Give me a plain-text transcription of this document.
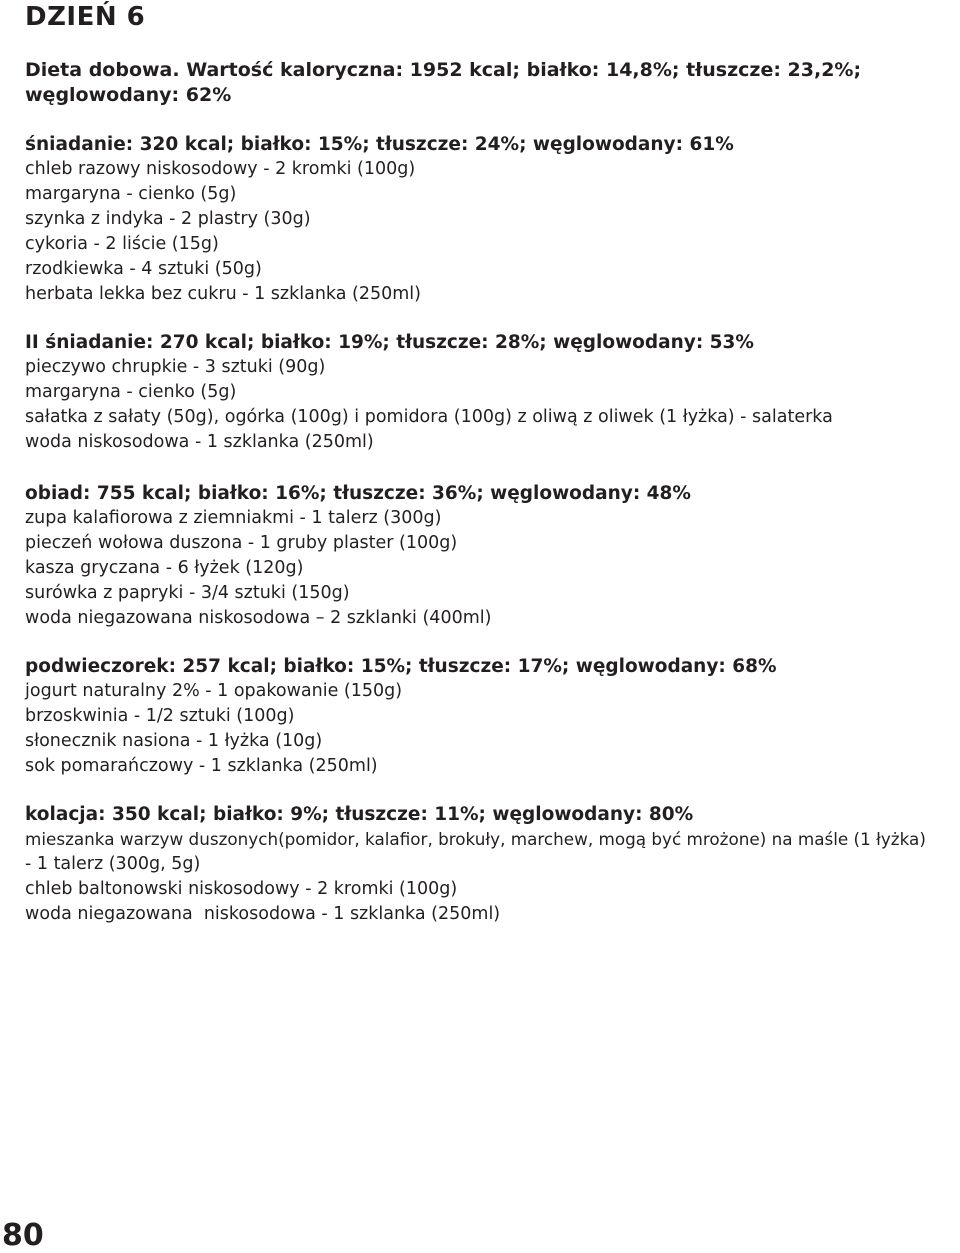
DZIEŃ 6
Dieta dobowa. Wartość kaloryczna: 1952 kcal; białko: 14,8%; tłuszcze: 23,2%; węglowodany: 62%
śniadanie: 320 kcal; białko: 15%; tłuszcze: 24%; węglowodany: 61%
chleb razowy niskosodowy - 2 kromki (100g)
margaryna - cienko (5g)
szynka z indyka - 2 plastry (30g)
cykoria - 2 liście (15g)
rzodkiewka - 4 sztuki (50g)
herbata lekka bez cukru - 1 szklanka (250ml)
II śniadanie: 270 kcal; białko: 19%; tłuszcze: 28%; węglowodany: 53%
pieczywo chrupkie - 3 sztuki (90g)
margaryna - cienko (5g)
sałatka z sałaty (50g), ogórka (100g) i pomidora (100g) z oliwą z oliwek (1 łyżka) - salaterka
woda niskosodowa - 1 szklanka (250ml)
obiad: 755 kcal; białko: 16%; tłuszcze: 36%; węglowodany: 48%
zupa kalafiorowa z ziemniakmi - 1 talerz (300g)
pieczeń wołowa duszona - 1 gruby plaster (100g)
kasza gryczana - 6 łyżek (120g)
surówka z papryki - 3/4 sztuki (150g)
woda niegazowana niskosodowa – 2 szklanki (400ml)
podwieczorek: 257 kcal; białko: 15%; tłuszcze: 17%; węglowodany: 68%
jogurt naturalny 2% - 1 opakowanie (150g)
brzoskwinia - 1/2 sztuki (100g)
słonecznik nasiona - 1 łyżka (10g)
sok pomarańczowy - 1 szklanka (250ml)
kolacja: 350 kcal; białko: 9%; tłuszcze: 11%; węglowodany: 80%
mieszanka warzyw duszonych(pomidor, kalafior, brokuły, marchew, mogą być mrożone) na maśle (1 łyżka)
- 1 talerz (300g, 5g)
chleb baltonowski niskosodowy - 2 kromki (100g)
woda niegazowana  niskosodowa - 1 szklanka (250ml)
80
